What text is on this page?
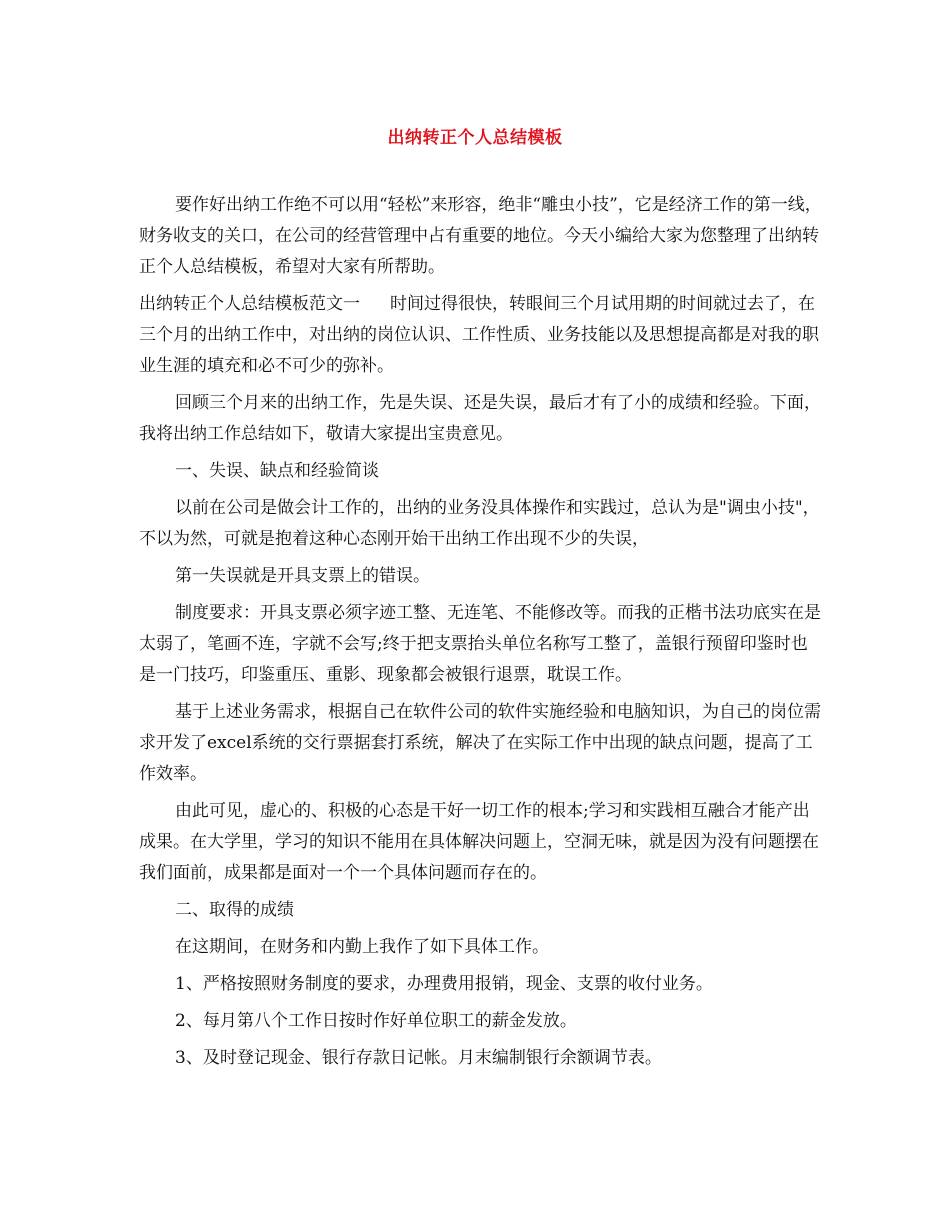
出纳转正个人总结模板

要作好出纳工作绝不可以用“轻松”来形容，绝非“雕虫小技”，它是经济工作的第一线，财务收支的关口，在公司的经营管理中占有重要的地位。今天小编给大家为您整理了出纳转正个人总结模板，希望对大家有所帮助。

出纳转正个人总结模板范文一 时间过得很快，转眼间三个月试用期的时间就过去了，在三个月的出纳工作中，对出纳的岗位认识、工作性质、业务技能以及思想提高都是对我的职业生涯的填充和必不可少的弥补。

回顾三个月来的出纳工作，先是失误、还是失误，最后才有了小的成绩和经验。下面，我将出纳工作总结如下，敬请大家提出宝贵意见。

一、失误、缺点和经验简谈

以前在公司是做会计工作的，出纳的业务没具体操作和实践过，总认为是"调虫小技"，不以为然，可就是抱着这种心态刚开始干出纳工作出现不少的失误，

第一失误就是开具支票上的错误。

制度要求：开具支票必须字迹工整、无连笔、不能修改等。而我的正楷书法功底实在是太弱了，笔画不连，字就不会写;终于把支票抬头单位名称写工整了，盖银行预留印鉴时也是一门技巧，印鉴重压、重影、现象都会被银行退票，耽误工作。

基于上述业务需求，根据自己在软件公司的软件实施经验和电脑知识，为自己的岗位需求开发了excel系统的交行票据套打系统，解决了在实际工作中出现的缺点问题，提高了工作效率。

由此可见，虚心的、积极的心态是干好一切工作的根本;学习和实践相互融合才能产出成果。在大学里，学习的知识不能用在具体解决问题上，空洞无味，就是因为没有问题摆在我们面前，成果都是面对一个一个具体问题而存在的。

二、取得的成绩

在这期间，在财务和内勤上我作了如下具体工作。

1、严格按照财务制度的要求，办理费用报销，现金、支票的收付业务。

2、每月第八个工作日按时作好单位职工的薪金发放。

3、及时登记现金、银行存款日记帐。月末编制银行余额调节表。
